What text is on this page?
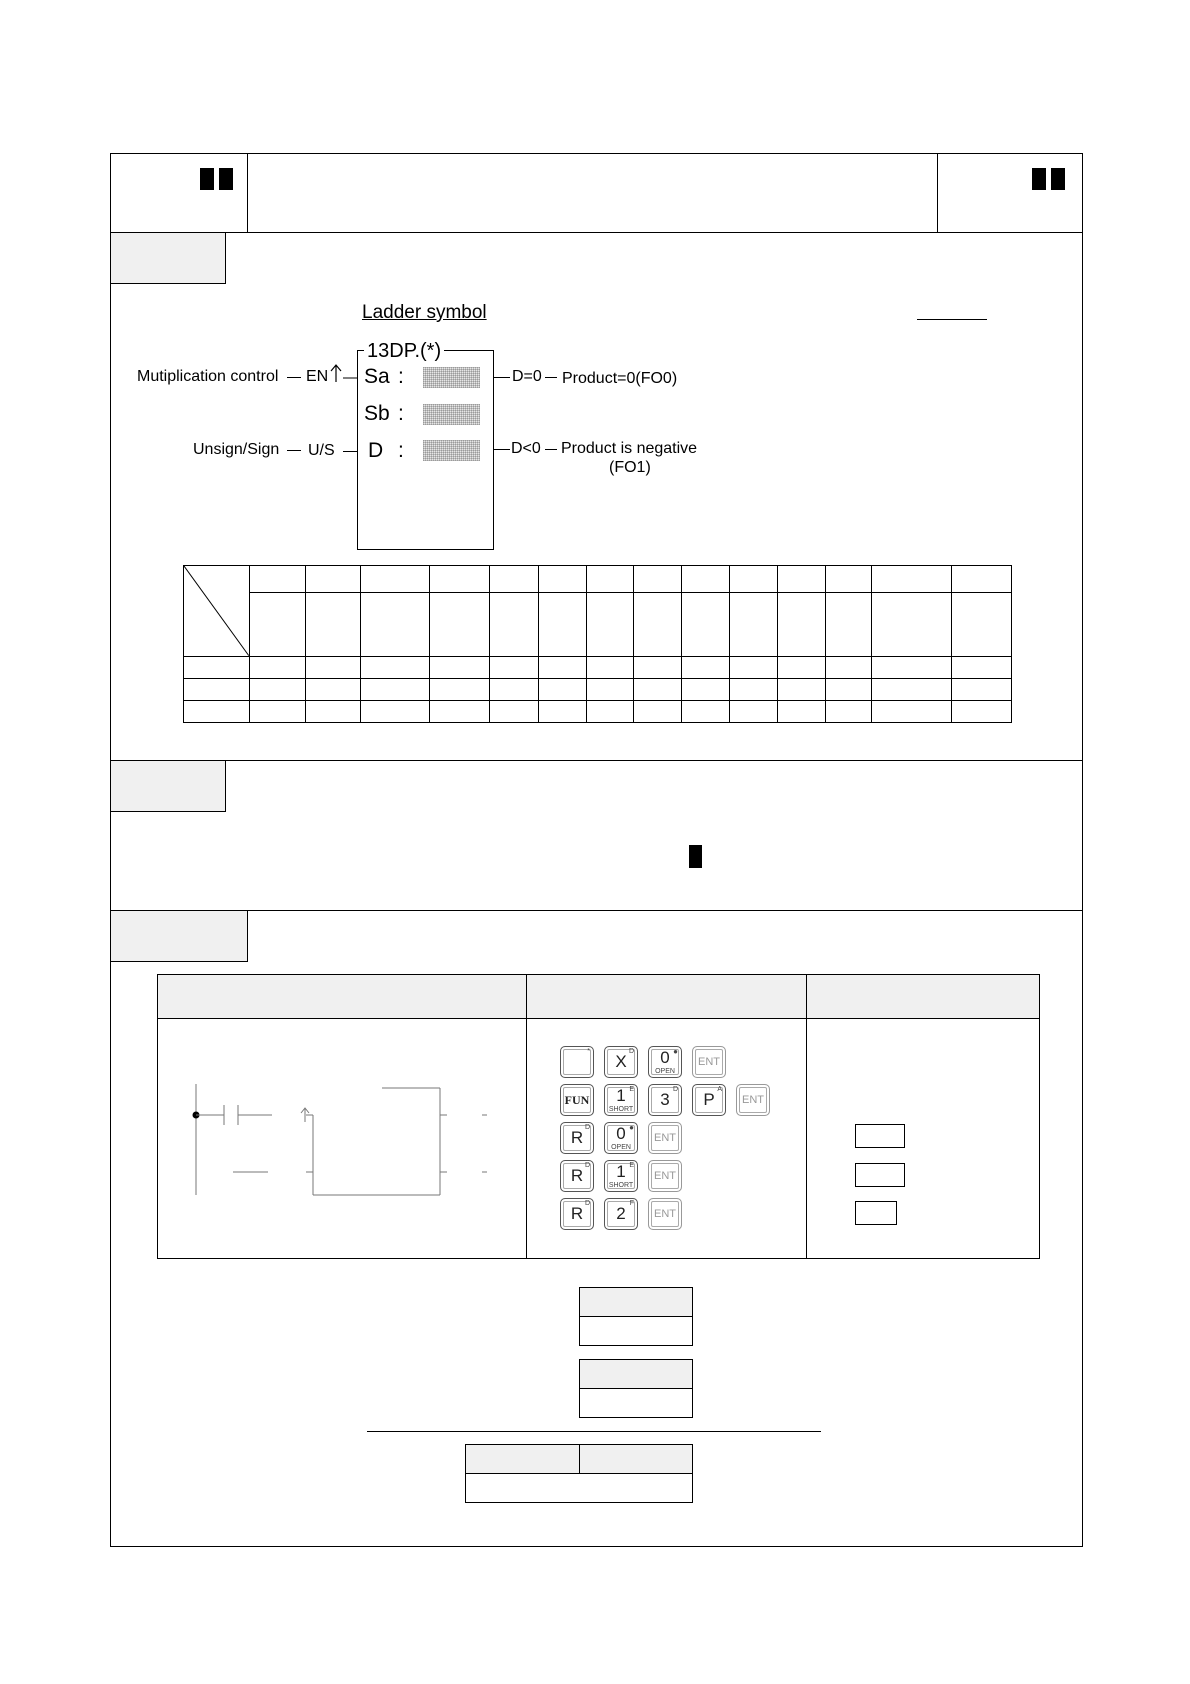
Ladder symbol
13DP.(*)
Sa :
Sb :
D :
Mutiplication control EN
Unsign/Sign U/S
D=0 Product=0(FO0)
D<0 Product is negative
(FO1)

*
X
D	0 ●
OPEN
ENT
FUN	1 E
SHORT
3
D
P
A
ENT
R
D	0 ●
OPEN
ENT
R
D	1 E
SHORT
ENT
R
D
2
F
ENT
